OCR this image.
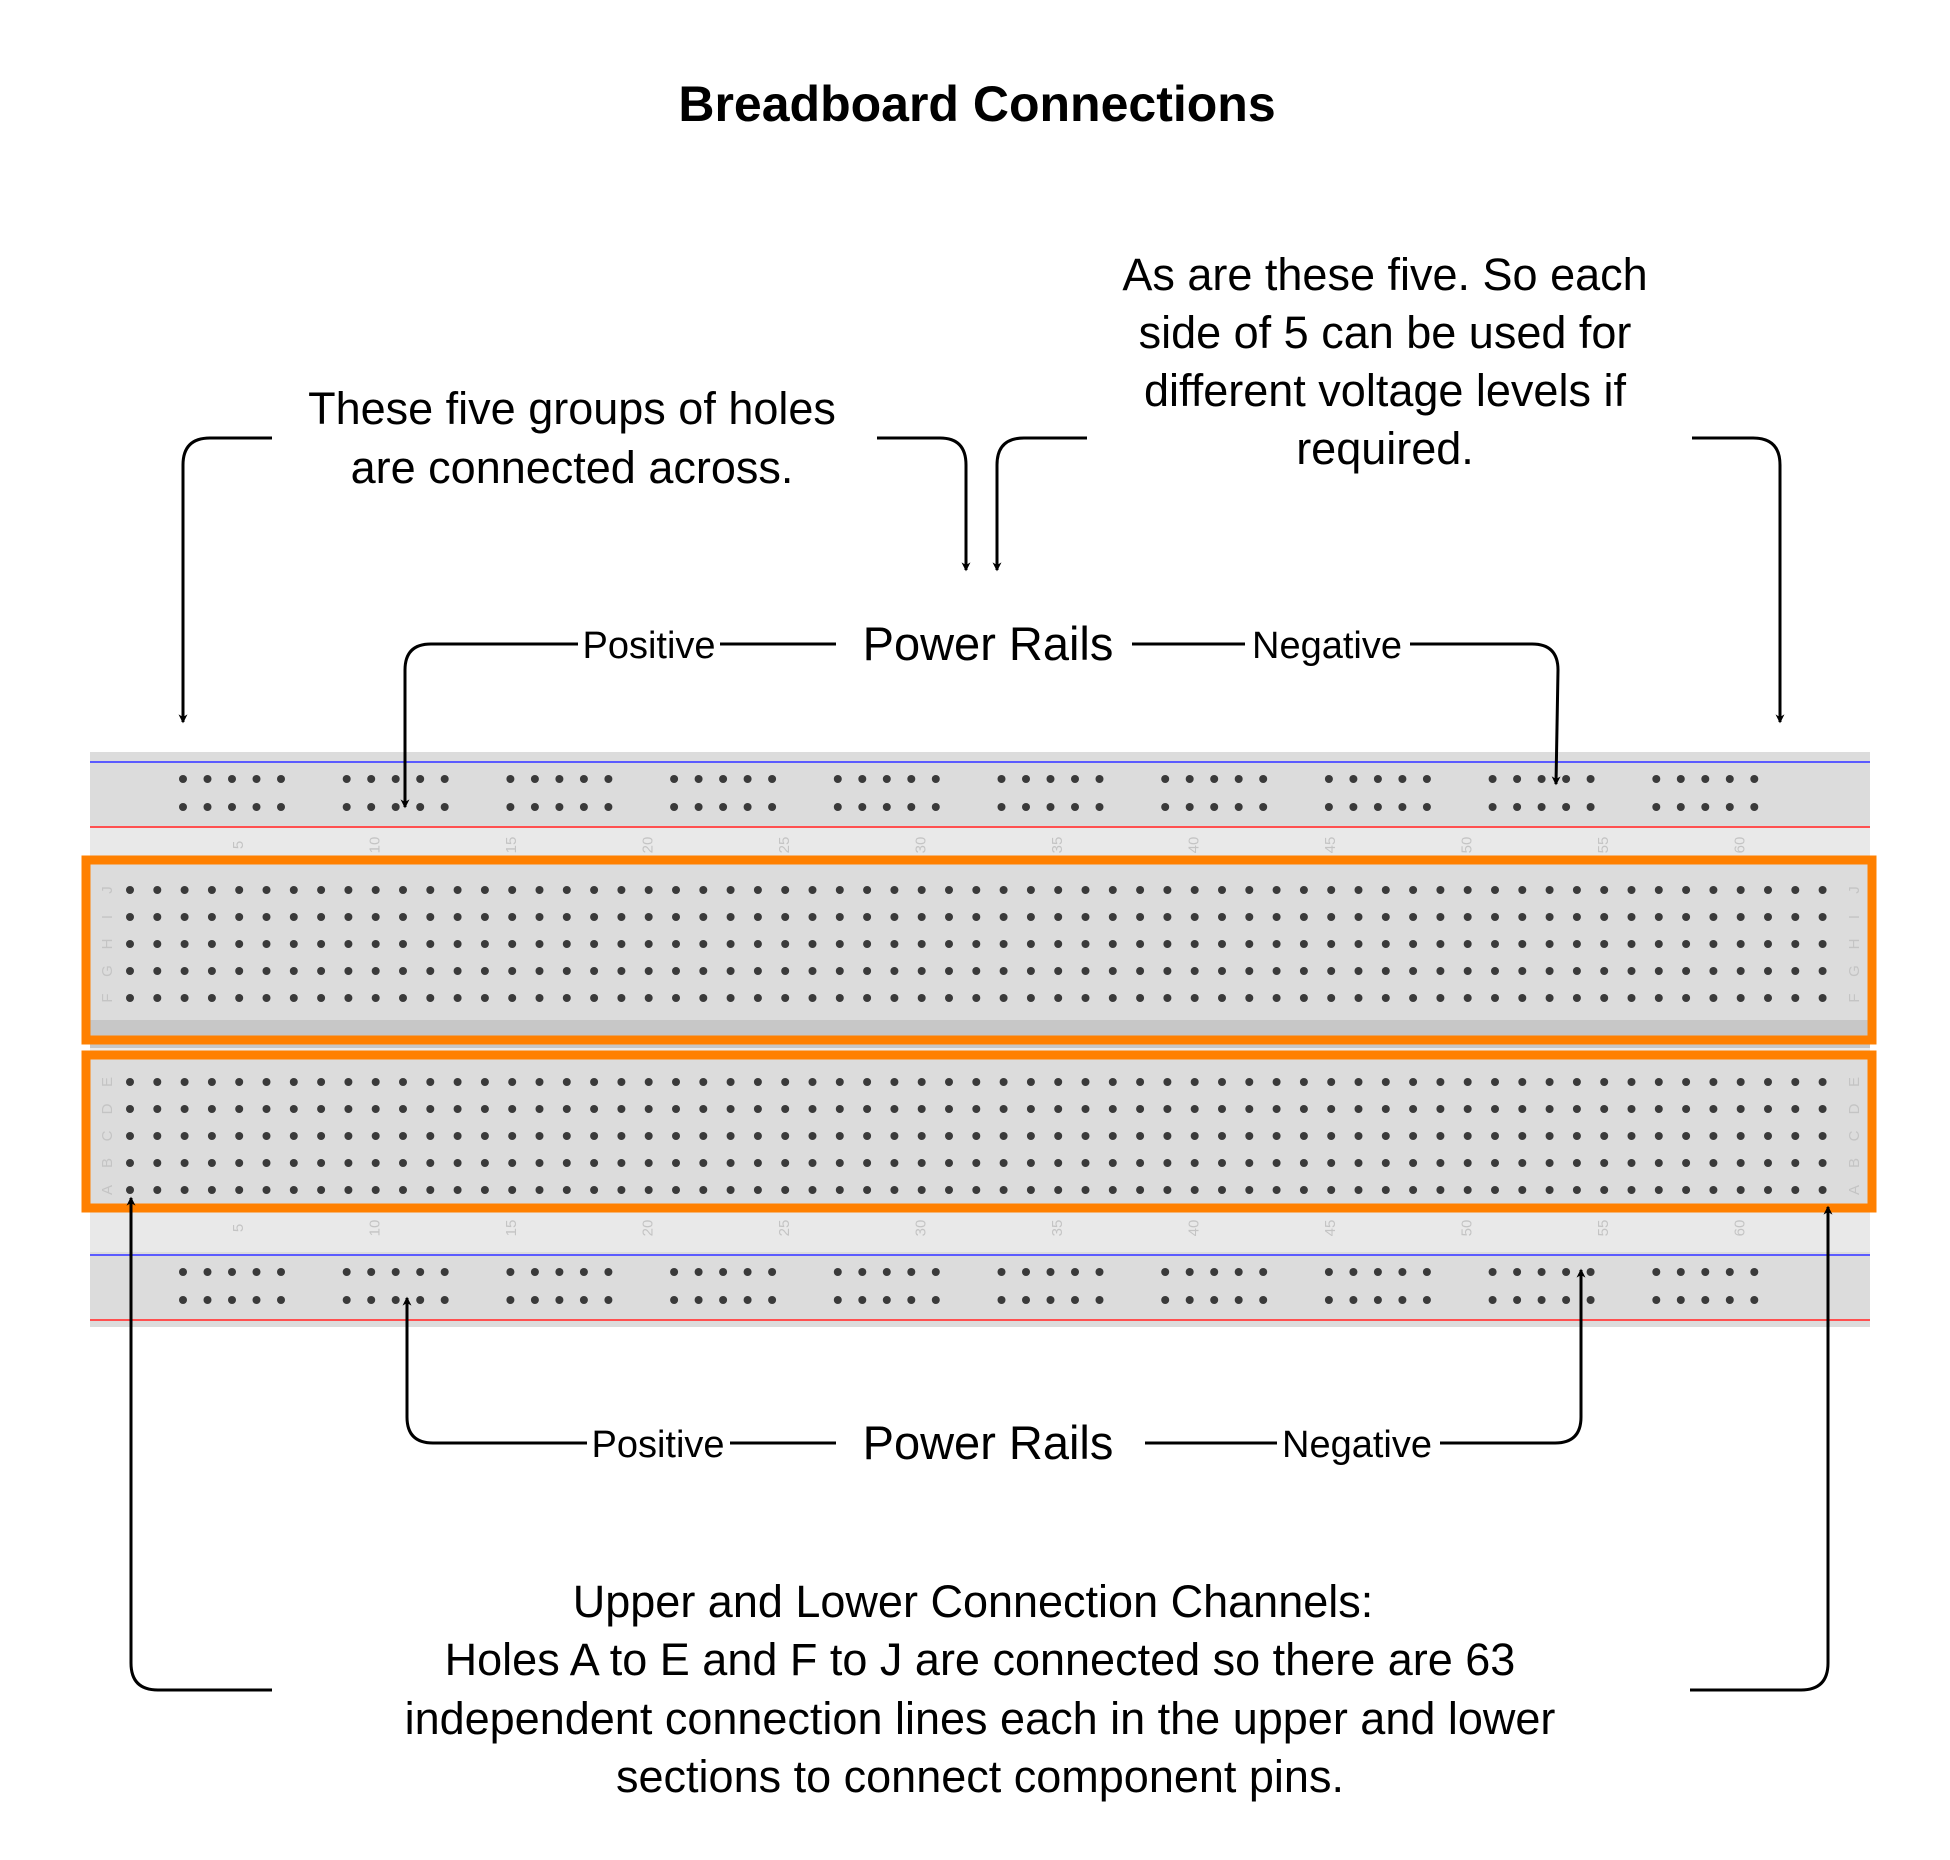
Breadboard Connections
These five groups of holes
are connected across.
As are these five. So each
side of 5 can be used for
different voltage levels if
required.
Power Rails
Positive	Negative
Power Rails
Positive	Negative
Upper and Lower Connection Channels:
Holes A to E and F to J are connected so there are 63
independent connection lines each in the upper and lower
sections to connect component pins.
J	J
I	I
H	H
G	G
F	F
E	E
D	D
C	C
B	B
A	A
5
5
10
10
15
15
20
20
25
25
30
30
35
35
40
40
45
45
50
50
55
55
60
60
